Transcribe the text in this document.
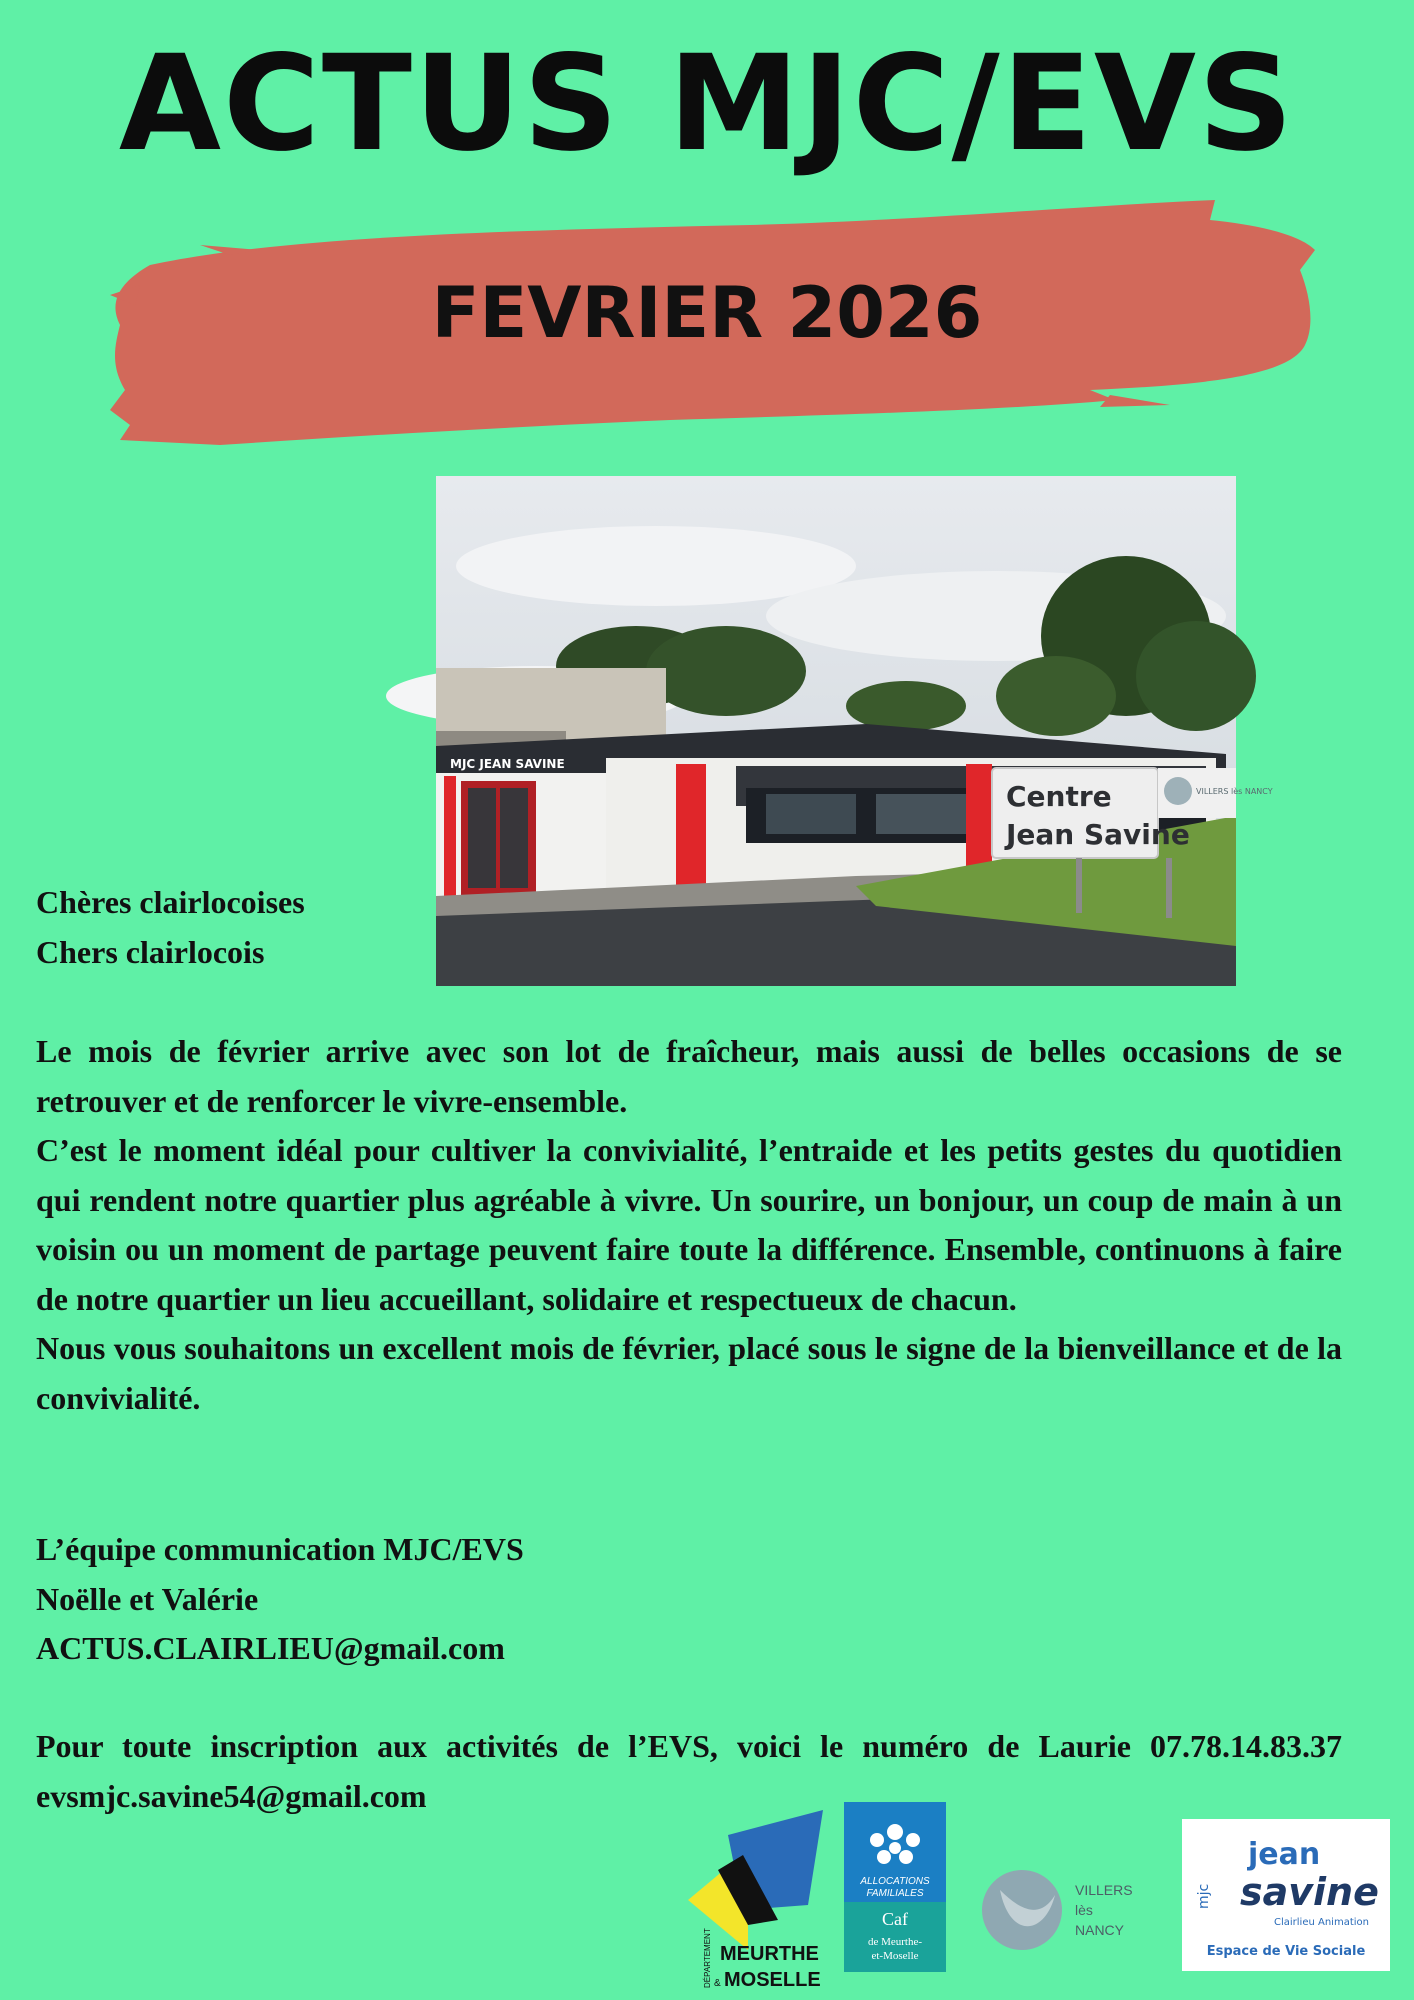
ACTUS MJC/EVS
FEVRIER 2026
MJC JEAN SAVINE
Centre
Jean Savine
VILLERS lès NANCY
Chères clairlocoises
Chers clairlocois

Le mois de février arrive avec son lot de fraîcheur, mais aussi de belles occasions de se retrouver et de renforcer le vivre-ensemble.

C’est le moment idéal pour cultiver la convivialité, l’entraide et les petits gestes du quotidien qui rendent notre quartier plus agréable à vivre. Un sourire, un bonjour, un coup de main à un voisin ou un moment de partage peuvent faire toute la différence. Ensemble, continuons à faire de notre quartier un lieu accueillant, solidaire et respectueux de chacun.

Nous vous souhaitons un excellent mois de février, placé sous le signe de la bienveillance et de la convivialité.

L’équipe communication MJC/EVS
Noëlle et Valérie
ACTUS.CLAIRLIEU@gmail.com
Pour toute inscription aux activités de l’EVS, voici le numéro de Laurie 07.78.14.83.37 evsmjc.savine54@gmail.com
MEURTHE
MOSELLE
&
DÉPARTEMENT
ALLOCATIONS
FAMILIALES
Caf
de Meurthe-
et-Moselle
VILLERS
lès
NANCY
mjc
jean
savine
Clairlieu Animation
Espace de Vie Sociale
